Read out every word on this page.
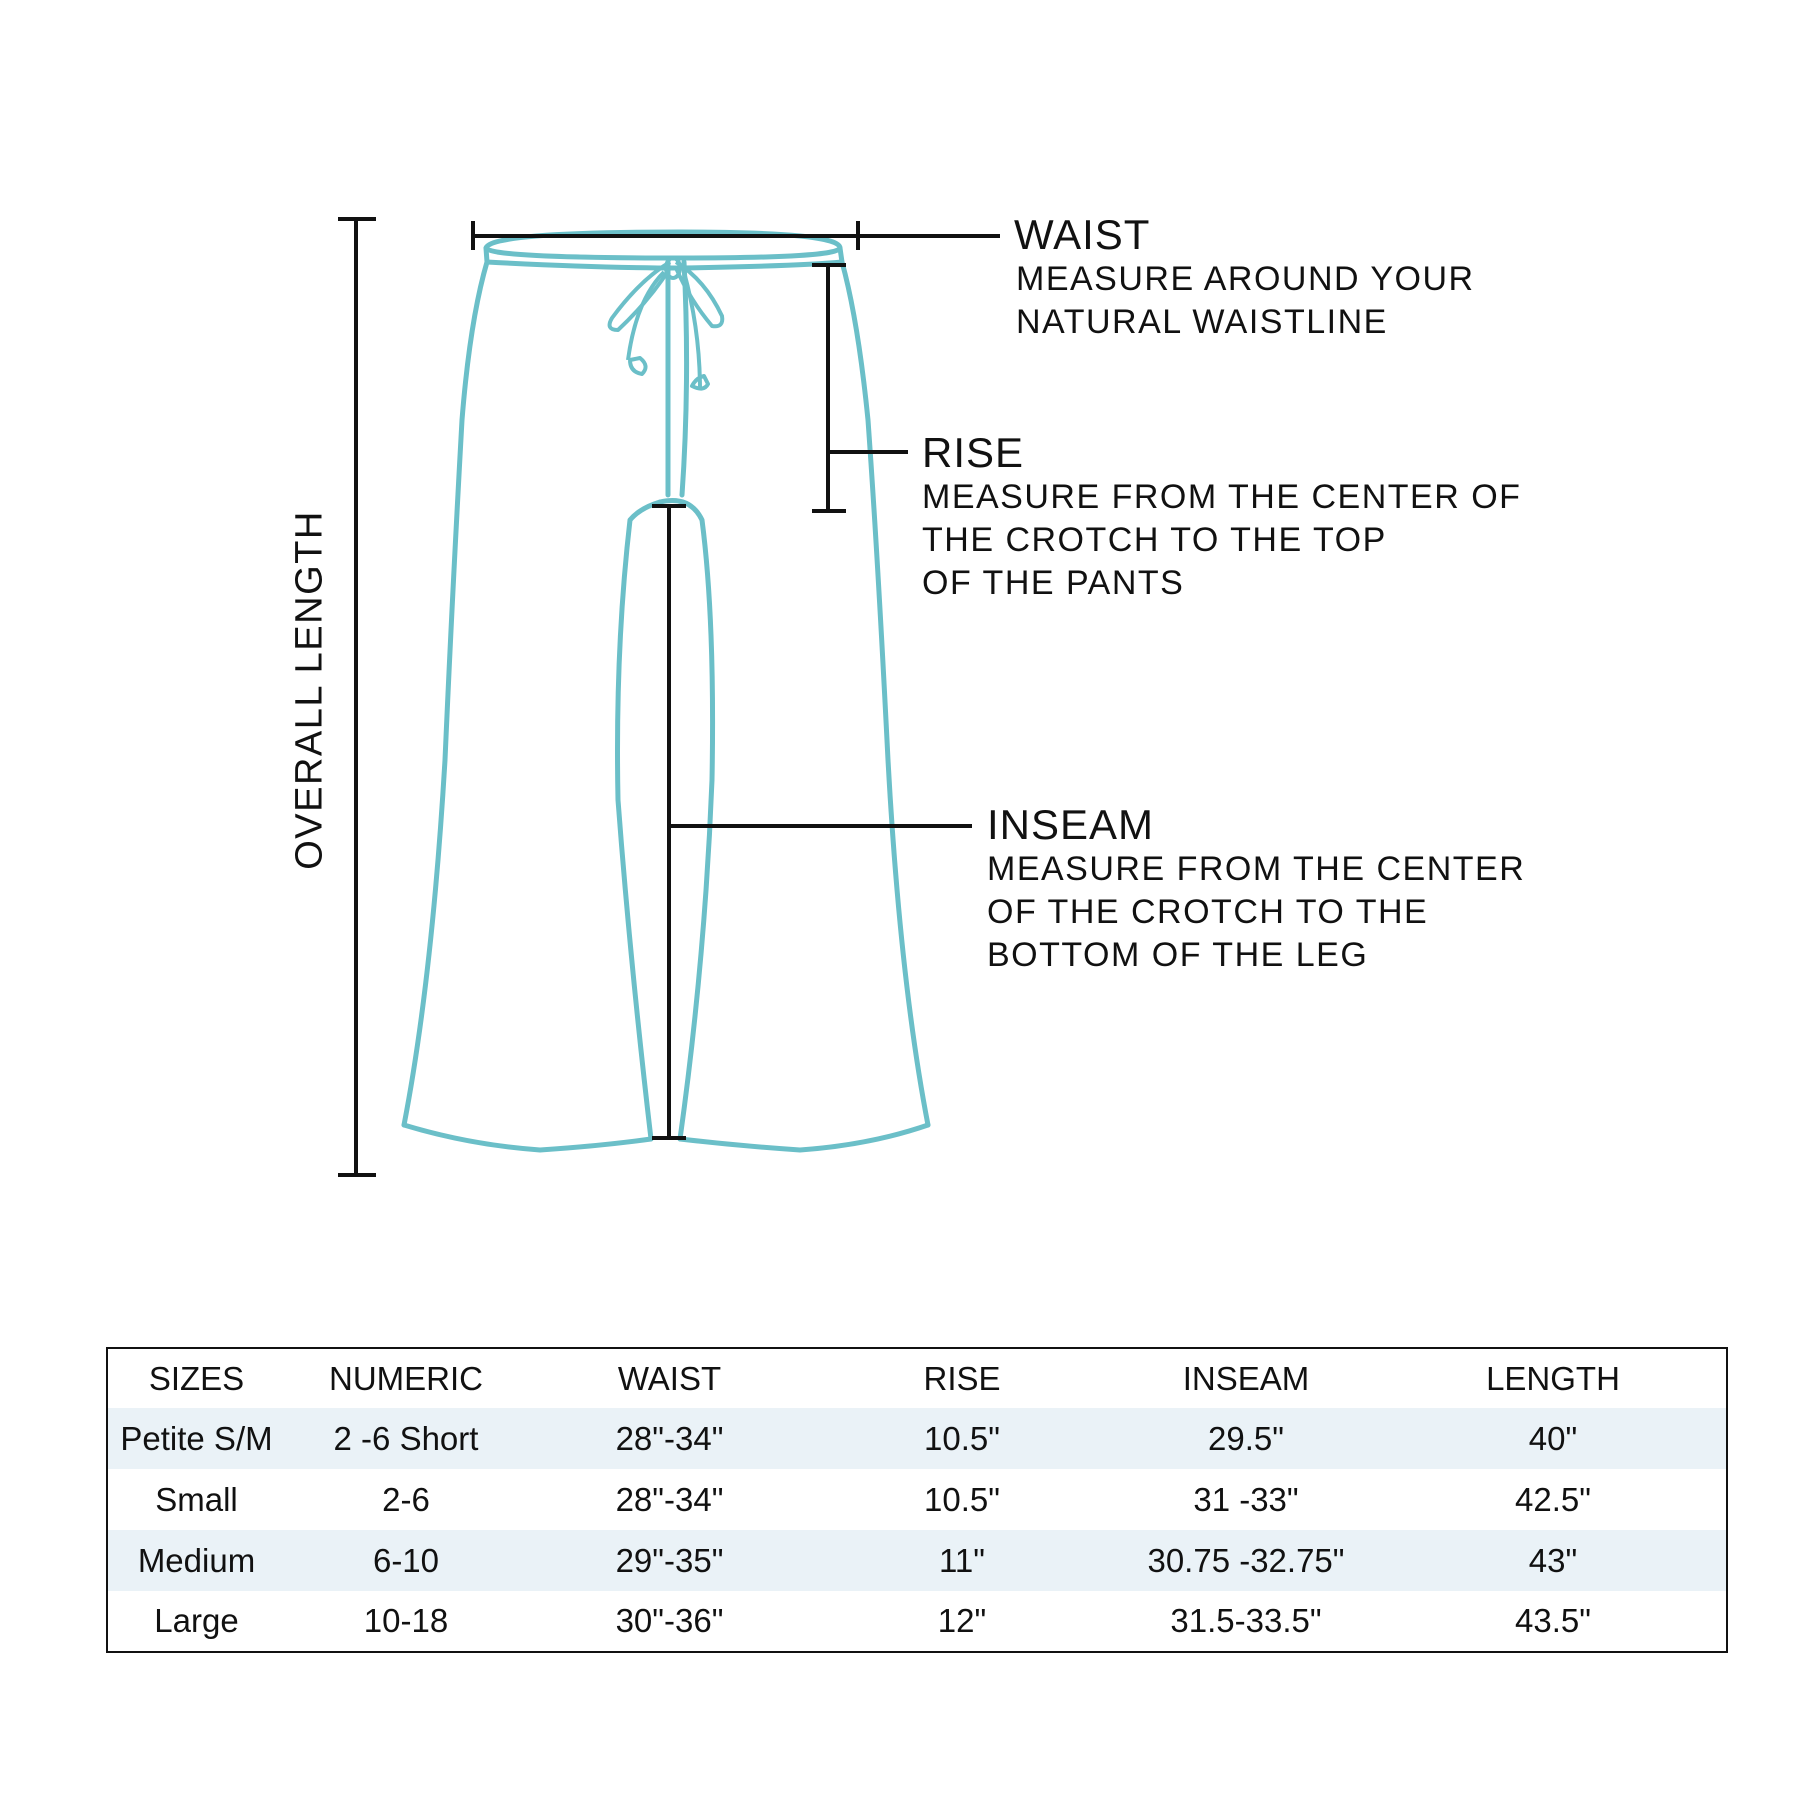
OVERALL LENGTH
WAIST
MEASURE AROUND YOUR
NATURAL WAISTLINE
RISE
MEASURE FROM THE CENTER OF
THE CROTCH TO THE TOP
OF THE PANTS
INSEAM
MEASURE FROM THE CENTER
OF THE CROTCH TO THE
BOTTOM OF THE LEG
SIZES	NUMERIC	WAIST	RISE	INSEAM	LENGTH
Petite S/M	2 -6 Short	28"-34"	10.5"	29.5"	40"
Small	2-6	28"-34"	10.5"	31 -33"	42.5"
Medium	6-10	29"-35"	11"	30.75 -32.75"	43"
Large	10-18	30"-36"	12"	31.5-33.5"	43.5"
